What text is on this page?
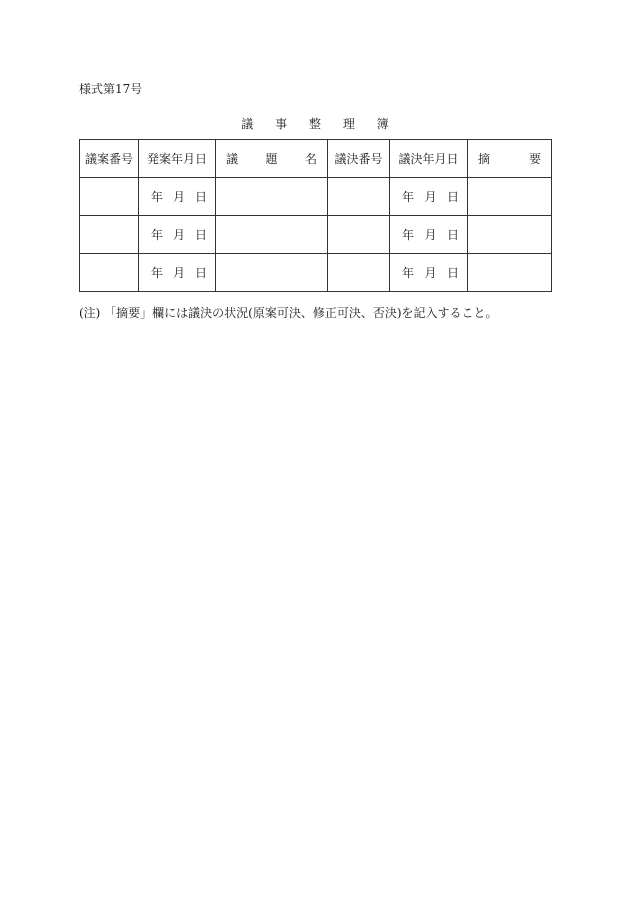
様式第17号
議 事 整 理 簿
議案番号	発案年月日	議 題 名	議決番号	議決年月日	摘 要

	年 月 日			年 月 日	

	年 月 日			年 月 日	

	年 月 日			年 月 日	

(注) 「摘要」欄には議決の状況(原案可決、修正可決、否決)を記入すること。
